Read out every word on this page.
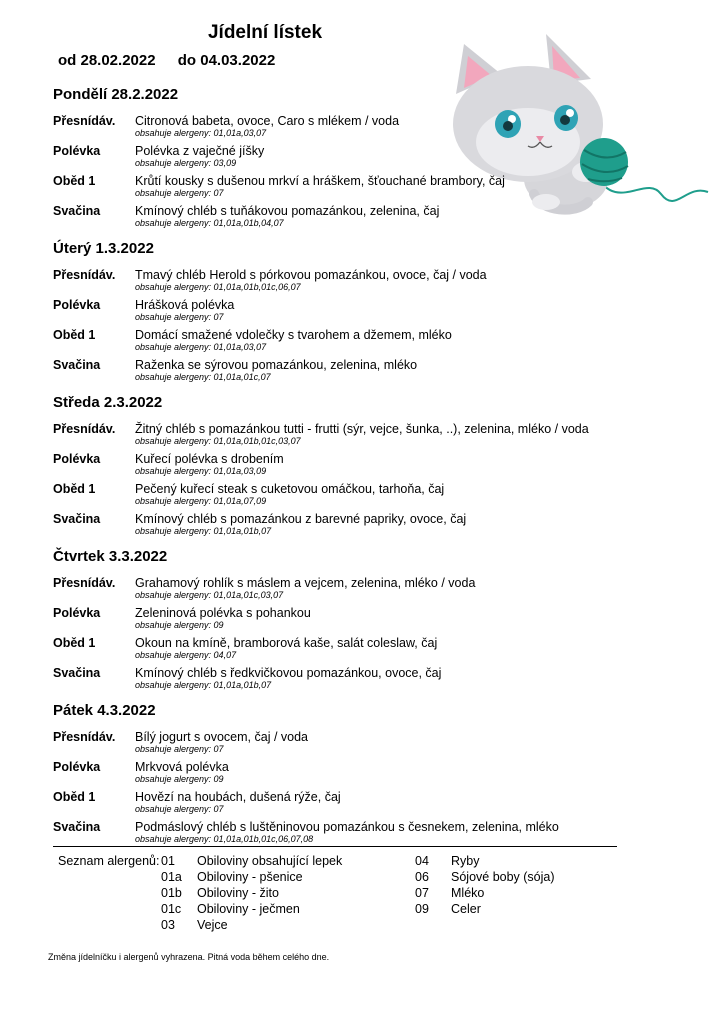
Jídelní lístek
od 28.02.2022 do 04.03.2022
Pondělí 28.2.2022
Přesnídáv. Citronová babeta, ovoce, Caro s mlékem / voda
obsahuje alergeny: 01,01a,03,07
Polévka	Polévka z vaječné jíšky
obsahuje alergeny: 03,09
Oběd 1	Krůtí kousky s dušenou mrkví a hráškem, šťouchané brambory, čaj
obsahuje alergeny: 07
Svačina	Kmínový chléb s tuňákovou pomazánkou, zelenina, čaj
obsahuje alergeny: 01,01a,01b,04,07
Úterý 1.3.2022
Přesnídáv. Tmavý chléb Herold s pórkovou pomazánkou, ovoce, čaj / voda
obsahuje alergeny: 01,01a,01b,01c,06,07
Polévka	Hrášková polévka
obsahuje alergeny: 07
Oběd 1	Domácí smažené vdolečky s tvarohem a džemem, mléko
obsahuje alergeny: 01,01a,03,07
Svačina	Raženka se sýrovou pomazánkou, zelenina, mléko
obsahuje alergeny: 01,01a,01c,07
Středa 2.3.2022
Přesnídáv. Žitný chléb s pomazánkou tutti - frutti (sýr, vejce, šunka, ..), zelenina, mléko / voda
obsahuje alergeny: 01,01a,01b,01c,03,07
Polévka	Kuřecí polévka s drobením
obsahuje alergeny: 01,01a,03,09
Oběd 1	Pečený kuřecí steak s cuketovou omáčkou, tarhoňa, čaj
obsahuje alergeny: 01,01a,07,09
Svačina	Kmínový chléb s pomazánkou z barevné papriky, ovoce, čaj
obsahuje alergeny: 01,01a,01b,07
Čtvrtek 3.3.2022
Přesnídáv. Grahamový rohlík s máslem a vejcem, zelenina, mléko / voda
obsahuje alergeny: 01,01a,01c,03,07
Polévka	Zeleninová polévka s pohankou
obsahuje alergeny: 09
Oběd 1	Okoun na kmíně, bramborová kaše, salát coleslaw, čaj
obsahuje alergeny: 04,07
Svačina	Kmínový chléb s ředkvičkovou pomazánkou, ovoce, čaj
obsahuje alergeny: 01,01a,01b,07
Pátek 4.3.2022
Přesnídáv. Bílý jogurt s ovocem, čaj / voda
obsahuje alergeny: 07
Polévka	Mrkvová polévka
obsahuje alergeny: 09
Oběd 1	Hovězí na houbách, dušená rýže, čaj
obsahuje alergeny: 07
Svačina	Podmáslový chléb s luštěninovou pomazánkou s česnekem, zelenina, mléko
obsahuje alergeny: 01,01a,01b,01c,06,07,08
Seznam alergenů: 01 Obiloviny obsahující lepek
01a Obiloviny - pšenice
01b Obiloviny - žito
01c Obiloviny - ječmen
03 Vejce
04 Ryby
06 Sójové boby (sója)
07 Mléko
09 Celer
Změna jídelníčku i alergenů vyhrazena. Pitná voda během celého dne.
